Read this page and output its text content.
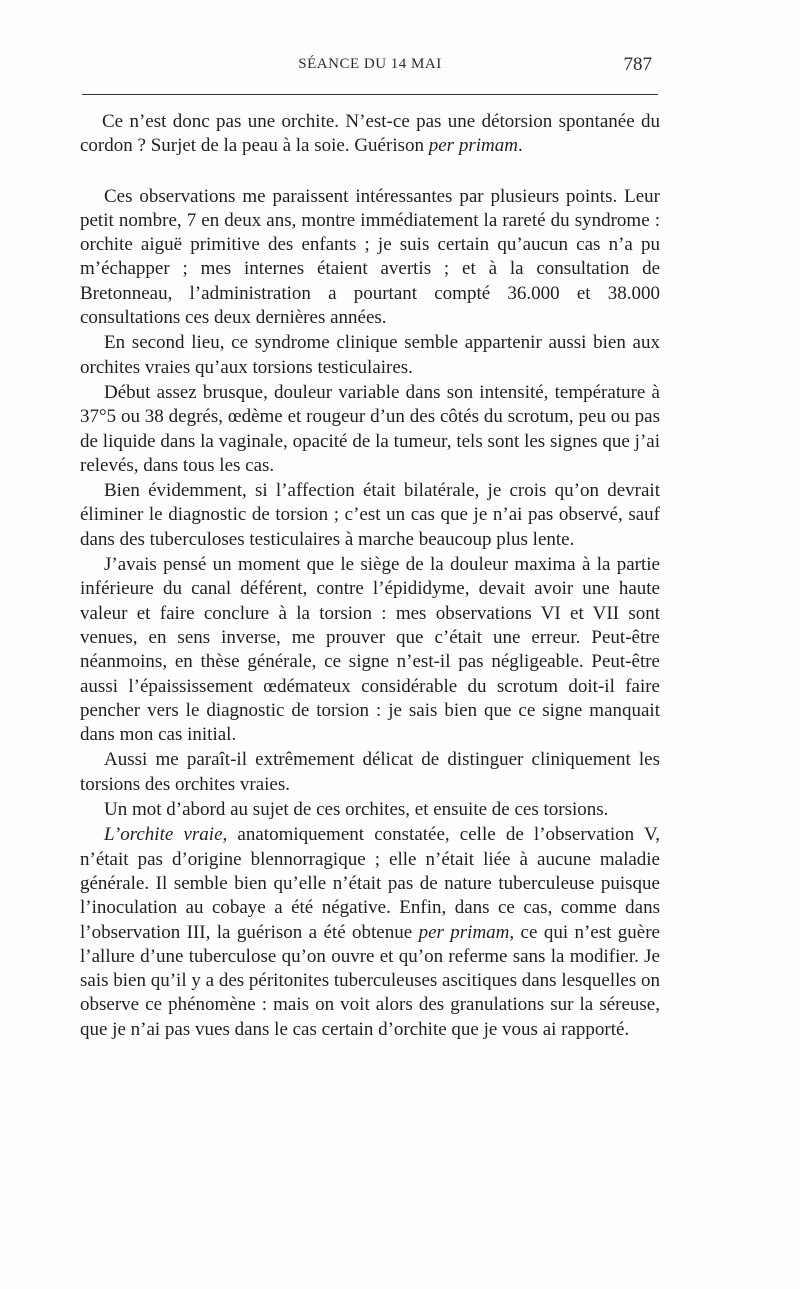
SÉANCE DU 14 MAI	787

Ce n’est donc pas une orchite. N’est-ce pas une détorsion spontanée du cordon ? Surjet de la peau à la soie. Guérison per primam.

Ces observations me paraissent intéressantes par plusieurs points. Leur petit nombre, 7 en deux ans, montre immédiatement la rareté du syndrome : orchite aiguë primitive des enfants ; je suis certain qu’aucun cas n’a pu m’échapper ; mes internes étaient avertis ; et à la consultation de Bretonneau, l’administration a pourtant compté 36.000 et 38.000 consultations ces deux dernières années.

En second lieu, ce syndrome clinique semble appartenir aussi bien aux orchites vraies qu’aux torsions testiculaires.

Début assez brusque, douleur variable dans son intensité, température à 37°5 ou 38 degrés, œdème et rougeur d’un des côtés du scrotum, peu ou pas de liquide dans la vaginale, opacité de la tumeur, tels sont les signes que j’ai relevés, dans tous les cas.

Bien évidemment, si l’affection était bilatérale, je crois qu’on devrait éliminer le diagnostic de torsion ; c’est un cas que je n’ai pas observé, sauf dans des tuberculoses testiculaires à marche beaucoup plus lente.

J’avais pensé un moment que le siège de la douleur maxima à la partie inférieure du canal déférent, contre l’épididyme, devait avoir une haute valeur et faire conclure à la torsion : mes observations VI et VII sont venues, en sens inverse, me prouver que c’était une erreur. Peut-être néanmoins, en thèse générale, ce signe n’est-il pas négligeable. Peut-être aussi l’épaississement œdémateux considérable du scrotum doit-il faire pencher vers le diagnostic de torsion : je sais bien que ce signe manquait dans mon cas initial.

Aussi me paraît-il extrêmement délicat de distinguer cliniquement les torsions des orchites vraies.

Un mot d’abord au sujet de ces orchites, et ensuite de ces torsions.

L’orchite vraie, anatomiquement constatée, celle de l’observation V, n’était pas d’origine blennorragique ; elle n’était liée à aucune maladie générale. Il semble bien qu’elle n’était pas de nature tuberculeuse puisque l’inoculation au cobaye a été négative. Enfin, dans ce cas, comme dans l’observation III, la guérison a été obtenue per primam, ce qui n’est guère l’allure d’une tuberculose qu’on ouvre et qu’on referme sans la modifier. Je sais bien qu’il y a des péritonites tuberculeuses ascitiques dans lesquelles on observe ce phénomène : mais on voit alors des granulations sur la séreuse, que je n’ai pas vues dans le cas certain d’orchite que je vous ai rapporté.
